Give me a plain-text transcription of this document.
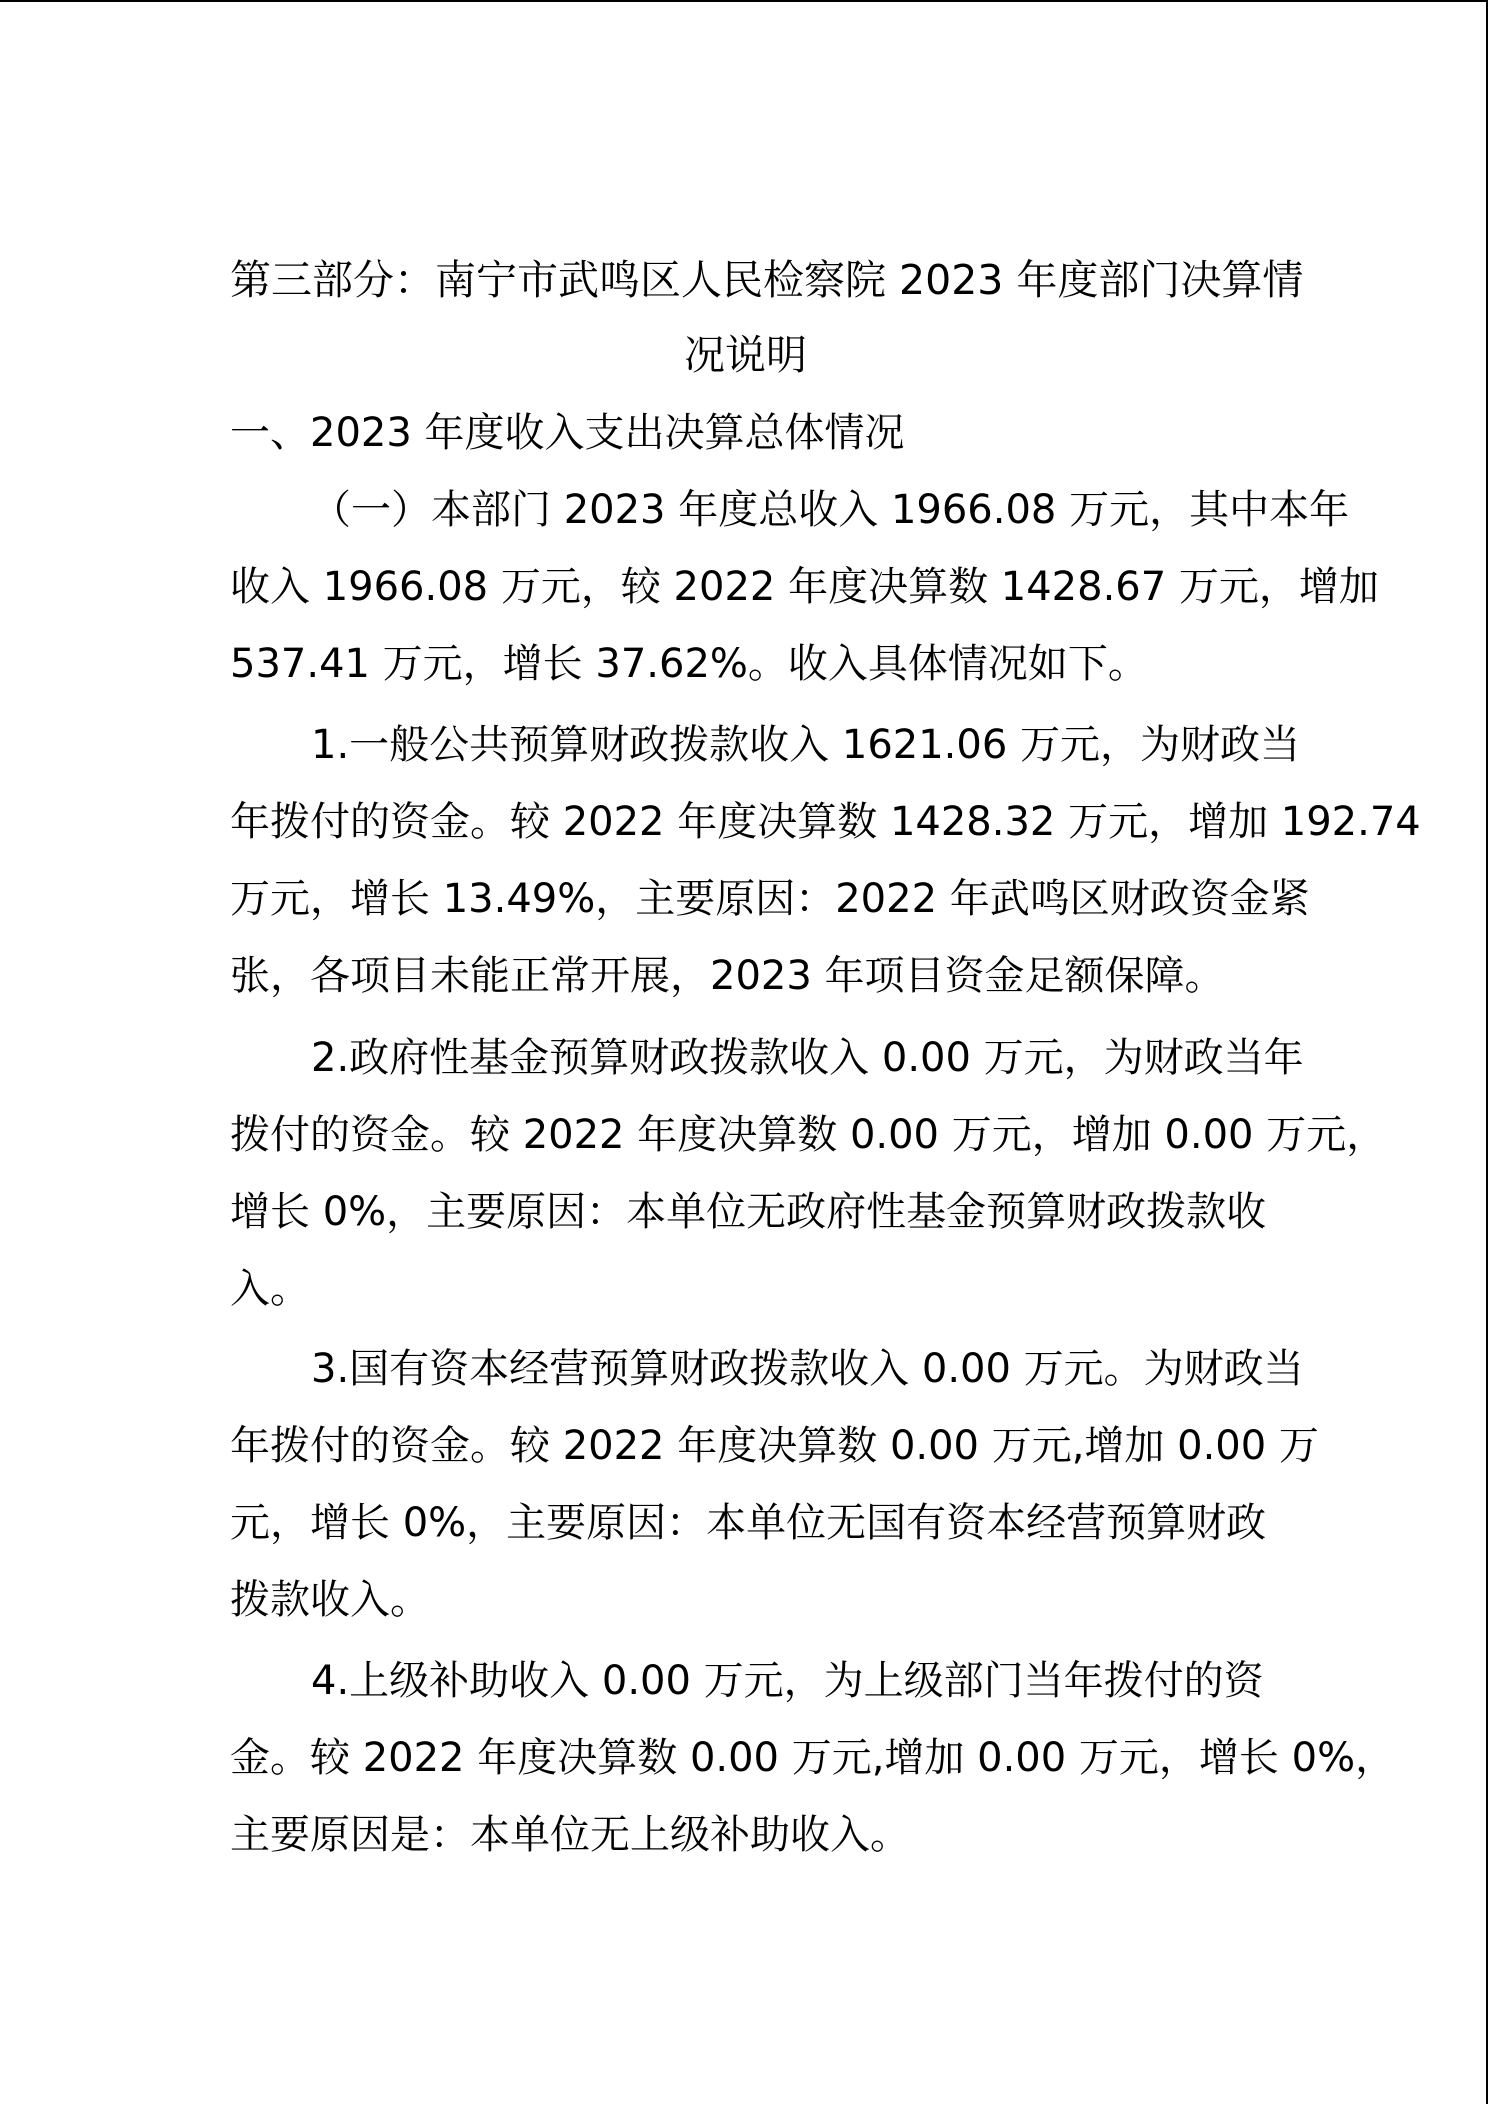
第三部分：南宁市武鸣区人民检察院 2023 年度部门决算情
况说明
一、2023 年度收入支出决算总体情况
（一）本部门 2023 年度总收入 1966.08 万元，其中本年
收入 1966.08 万元，较 2022 年度决算数 1428.67 万元，增加
537.41 万元，增长 37.62%。收入具体情况如下。
1.一般公共预算财政拨款收入 1621.06 万元，为财政当
年拨付的资金。较 2022 年度决算数 1428.32 万元，增加 192.74
万元，增长 13.49%，主要原因：2022 年武鸣区财政资金紧
张，各项目未能正常开展，2023 年项目资金足额保障。
2.政府性基金预算财政拨款收入 0.00 万元，为财政当年
拨付的资金。较 2022 年度决算数 0.00 万元，增加 0.00 万元，
增长 0%，主要原因：本单位无政府性基金预算财政拨款收
入。
3.国有资本经营预算财政拨款收入 0.00 万元。为财政当
年拨付的资金。较 2022 年度决算数 0.00 万元,增加 0.00 万
元，增长 0%，主要原因：本单位无国有资本经营预算财政
拨款收入。
4.上级补助收入 0.00 万元，为上级部门当年拨付的资
金。较 2022 年度决算数 0.00 万元,增加 0.00 万元，增长 0%，
主要原因是：本单位无上级补助收入。
